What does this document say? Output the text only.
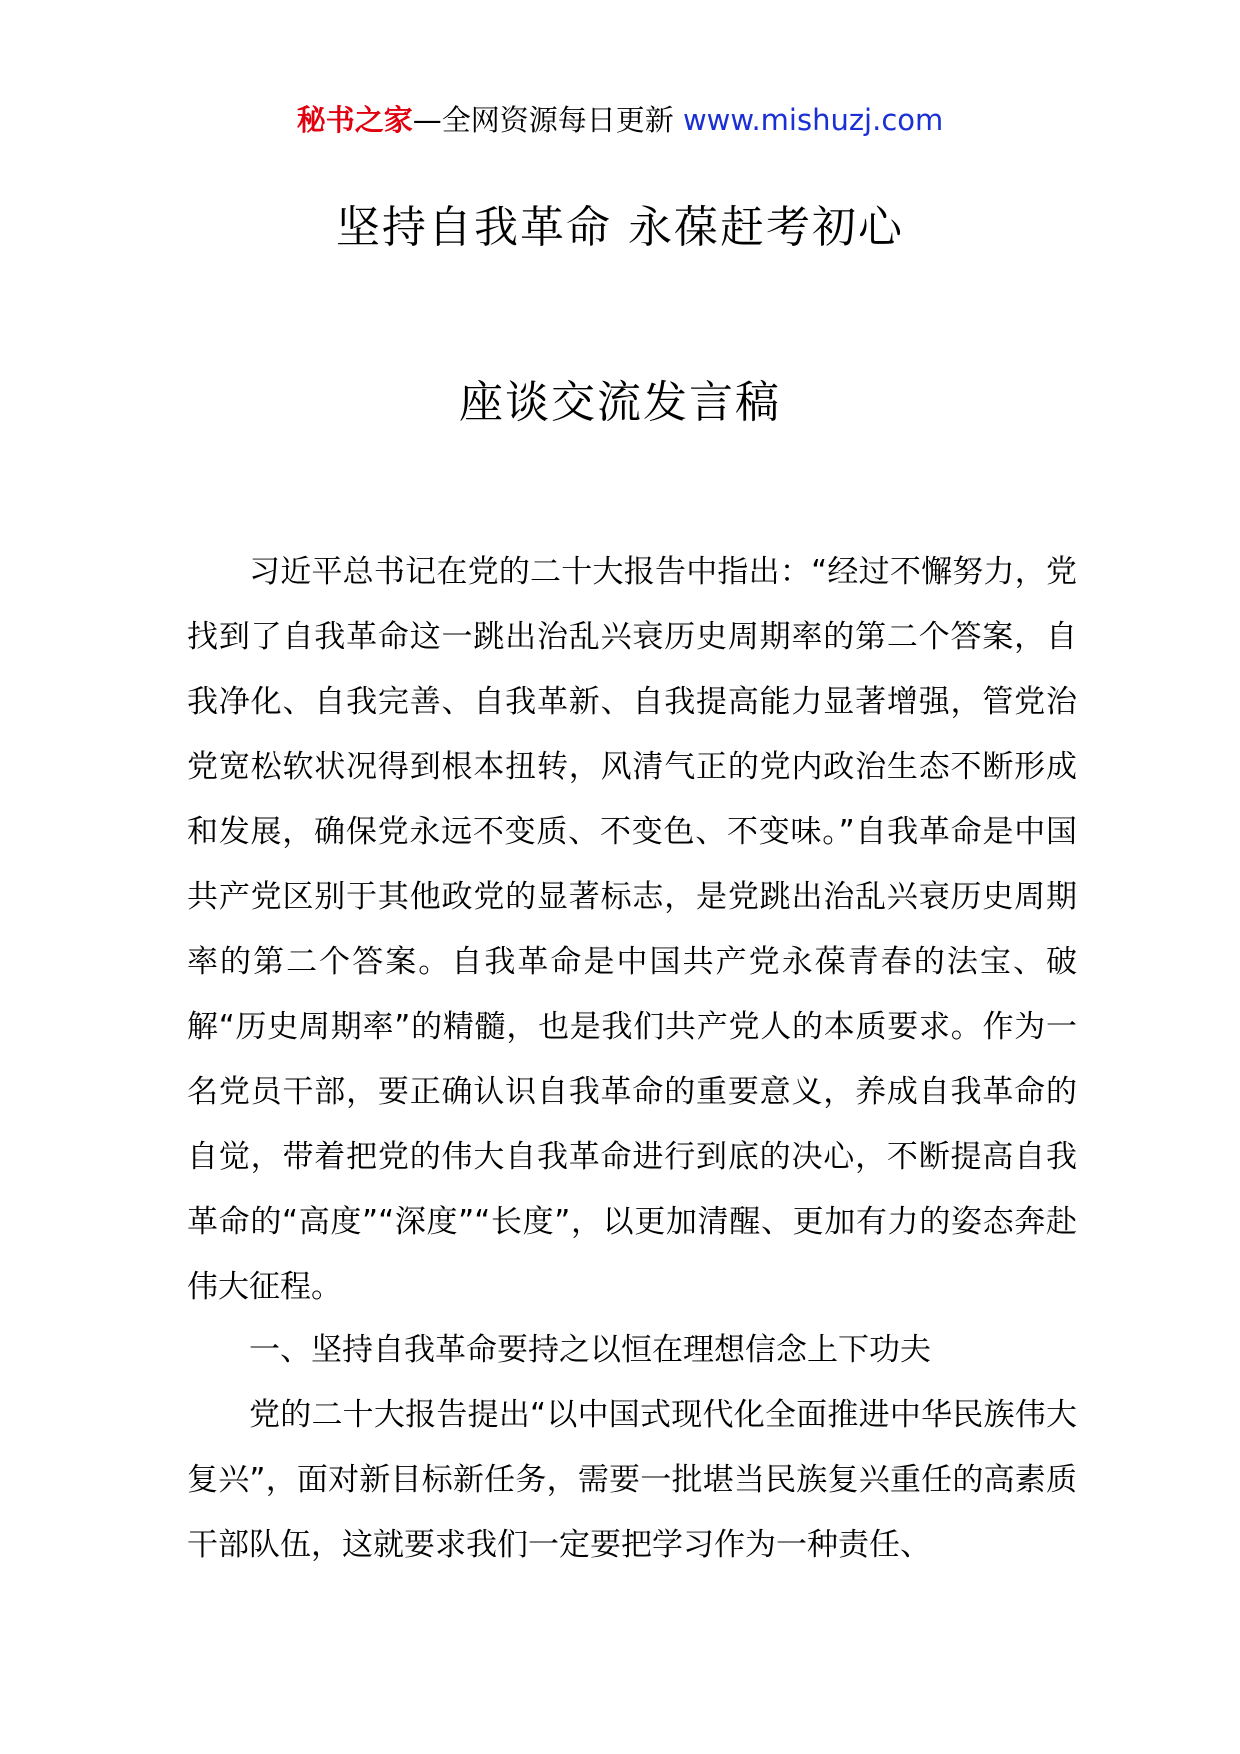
秘书之家—全网资源每日更新 www.mishuzj.com
坚持自我革命 永葆赶考初心
座谈交流发言稿
习近平总书记在党的二十大报告中指出：“经过不懈努力，党找到了自我革命这一跳出治乱兴衰历史周期率的第二个答案，自我净化、自我完善、自我革新、自我提高能力显著增强，管党治党宽松软状况得到根本扭转，风清气正的党内政治生态不断形成和发展，确保党永远不变质、不变色、不变味。”自我革命是中国共产党区别于其他政党的显著标志，是党跳出治乱兴衰历史周期率的第二个答案。自我革命是中国共产党永葆青春的法宝、破解“历史周期率”的精髓，也是我们共产党人的本质要求。作为一名党员干部，要正确认识自我革命的重要意义，养成自我革命的自觉，带着把党的伟大自我革命进行到底的决心，不断提高自我革命的“高度”“深度”“长度”，以更加清醒、更加有力的姿态奔赴伟大征程。
一、坚持自我革命要持之以恒在理想信念上下功夫
党的二十大报告提出“以中国式现代化全面推进中华民族伟大复兴”，面对新目标新任务，需要一批堪当民族复兴重任的高素质干部队伍，这就要求我们一定要把学习作为一种责任、
